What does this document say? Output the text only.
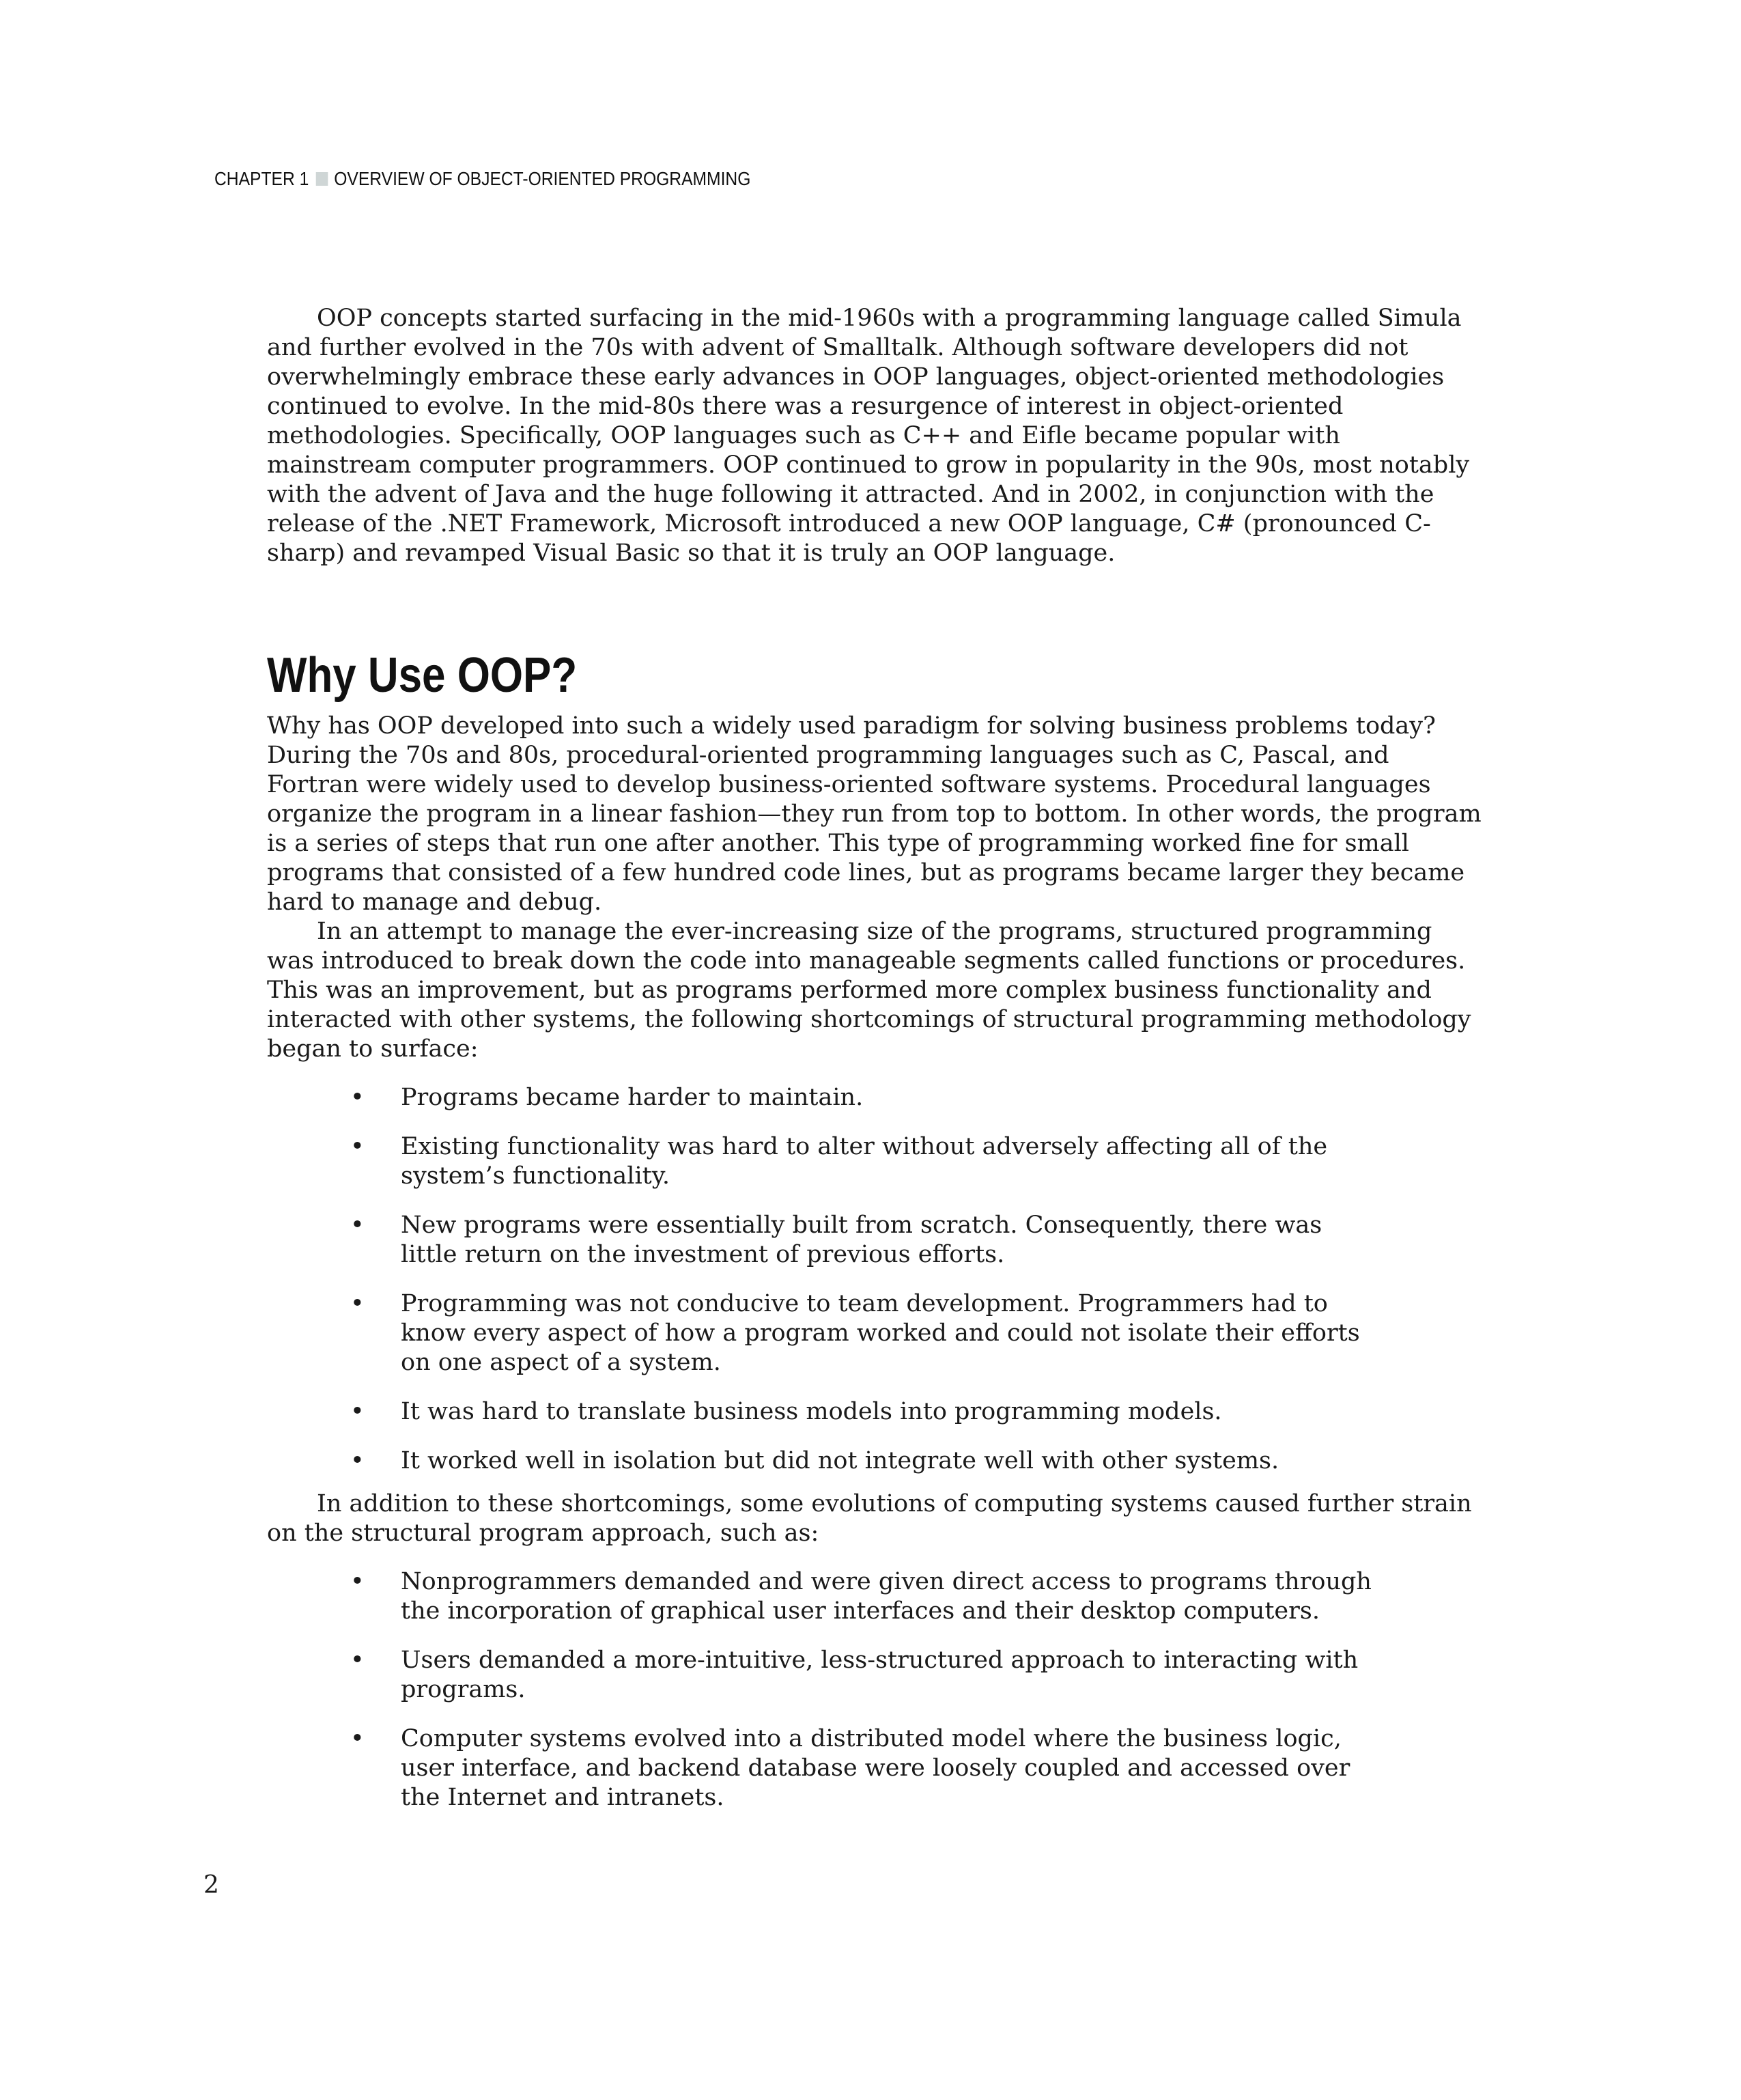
CHAPTER 1 OVERVIEW OF OBJECT-ORIENTED PROGRAMMING

OOP concepts started surfacing in the mid-1960s with a programming language called Simula and further evolved in the 70s with advent of Smalltalk. Although software developers did not overwhelmingly embrace these early advances in OOP languages, object-oriented methodologies continued to evolve. In the mid-80s there was a resurgence of interest in object-oriented methodologies. Specifically, OOP languages such as C++ and Eifle became popular with mainstream computer programmers. OOP continued to grow in popularity in the 90s, most notably with the advent of Java and the huge following it attracted. And in 2002, in conjunction with the release of the .NET Framework, Microsoft introduced a new OOP language, C# (pronounced C-sharp) and revamped Visual Basic so that it is truly an OOP language.

Why Use OOP?

Why has OOP developed into such a widely used paradigm for solving business problems today? During the 70s and 80s, procedural-oriented programming languages such as C, Pascal, and Fortran were widely used to develop business-oriented software systems. Procedural languages organize the program in a linear fashion—they run from top to bottom. In other words, the program is a series of steps that run one after another. This type of programming worked fine for small programs that consisted of a few hundred code lines, but as programs became larger they became hard to manage and debug.

In an attempt to manage the ever-increasing size of the programs, structured programming was introduced to break down the code into manageable segments called functions or procedures. This was an improvement, but as programs performed more complex business functionality and interacted with other systems, the following shortcomings of structural programming methodology began to surface:

• Programs became harder to maintain.
• Existing functionality was hard to alter without adversely affecting all of the system’s functionality.
• New programs were essentially built from scratch. Consequently, there was little return on the investment of previous efforts.
• Programming was not conducive to team development. Programmers had to know every aspect of how a program worked and could not isolate their efforts on one aspect of a system.
• It was hard to translate business models into programming models.
• It worked well in isolation but did not integrate well with other systems.

In addition to these shortcomings, some evolutions of computing systems caused further strain on the structural program approach, such as:

• Nonprogrammers demanded and were given direct access to programs through the incorporation of graphical user interfaces and their desktop computers.
• Users demanded a more-intuitive, less-structured approach to interacting with programs.
• Computer systems evolved into a distributed model where the business logic, user interface, and backend database were loosely coupled and accessed over the Internet and intranets.
2
